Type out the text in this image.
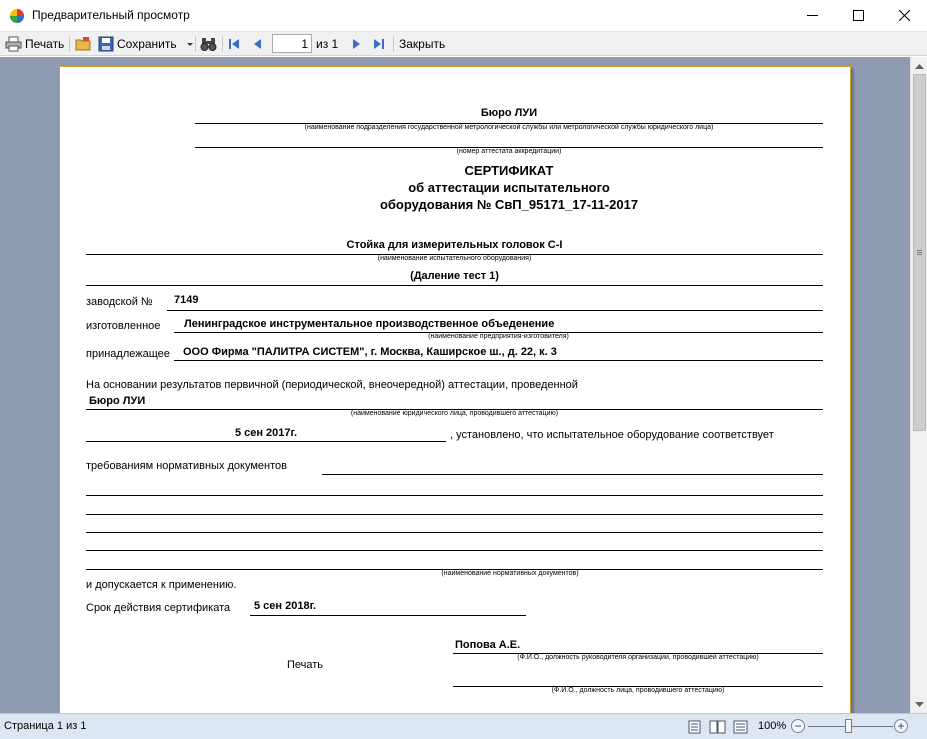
Предварительный просмотр
Печать	Сохранить	из 1	Закрыть
1
Бюро ЛУИ
(наименование подразделения государственной метрологической службы или метрологической службы юридического лица)
(номер аттестата аккредитации)
СЕРТИФИКАТ
об аттестации испытательного
оборудования № СвП_95171_17-11-2017
Стойка для измерительных головок С-I
(наименование испытательного оборудования)
(Даление тест 1)
заводской № 7149
изготовленное Ленинградское инструментальное производственное объеденение
(наименование предприятия-изготовителя)
принадлежащее ООО Фирма "ПАЛИТРА СИСТЕМ", г. Москва, Каширское ш., д. 22, к. 3
На основании результатов первичной (периодической, внеочередной) аттестации, проведенной
Бюро ЛУИ
(наименование юридического лица, проводившего аттестацию)
5 сен 2017г.	, установлено, что испытательное оборудование соответствует
требованиям нормативных документов
(наименование нормативных документов)
и допускается к применению.
Срок действия сертификата 5 сен 2018г.
Попова А.Е.
(Ф.И.О., должность руководителя организации, проводившей аттестацию)
Печать
(Ф.И.О., должность лица, проводившего аттестацию)
Страница 1 из 1	100% −	+
